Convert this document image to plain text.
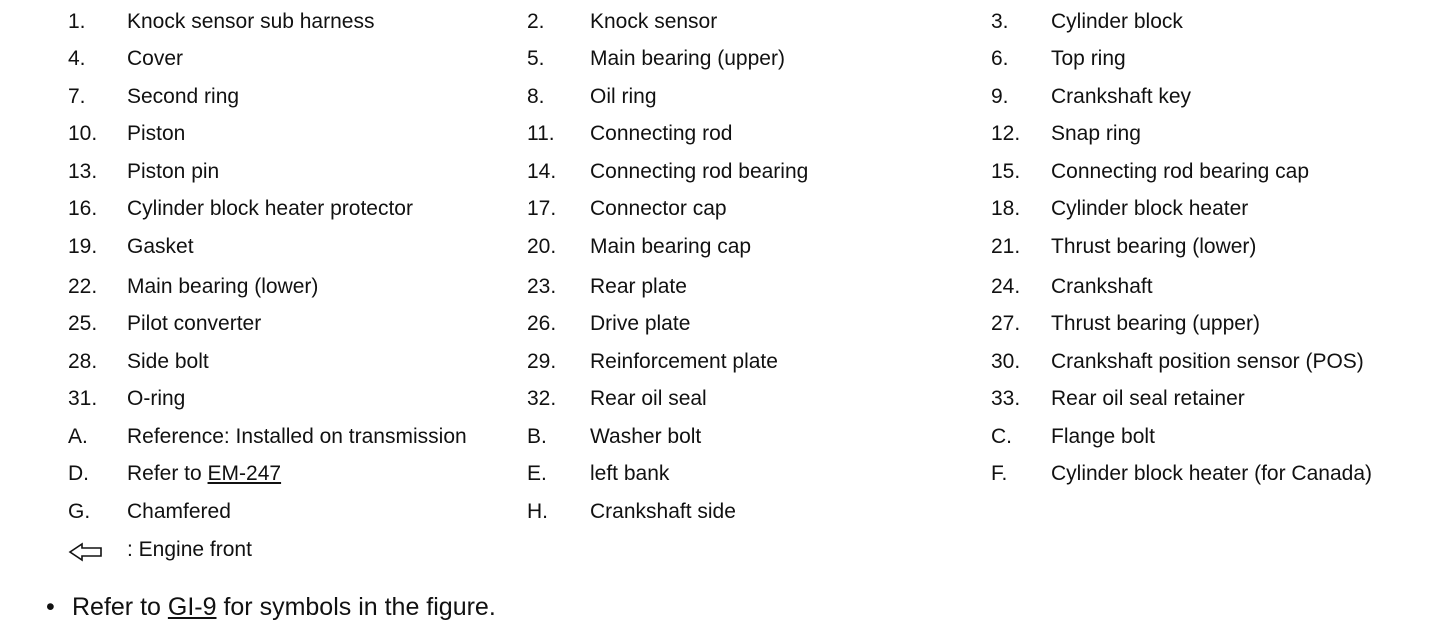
1. Knock sensor sub harness	2. Knock sensor	3. Cylinder block
4. Cover	5. Main bearing (upper)	6. Top ring
7. Second ring	8. Oil ring	9. Crankshaft key
10. Piston	11. Connecting rod	12. Snap ring
13. Piston pin	14. Connecting rod bearing	15. Connecting rod bearing cap
16. Cylinder block heater protector	17. Connector cap	18. Cylinder block heater
19. Gasket	20. Main bearing cap	21. Thrust bearing (lower)
22. Main bearing (lower)	23. Rear plate	24. Crankshaft
25. Pilot converter	26. Drive plate	27. Thrust bearing (upper)
28. Side bolt	29. Reinforcement plate	30. Crankshaft position sensor (POS)
31. O-ring	32. Rear oil seal	33. Rear oil seal retainer
A. Reference: Installed on transmission	B. Washer bolt	C. Flange bolt
D. Refer to EM-247	E. left bank	F. Cylinder block heater (for Canada)
G. Chamfered	H. Crankshaft side
: Engine front
• Refer to GI-9 for symbols in the figure.
